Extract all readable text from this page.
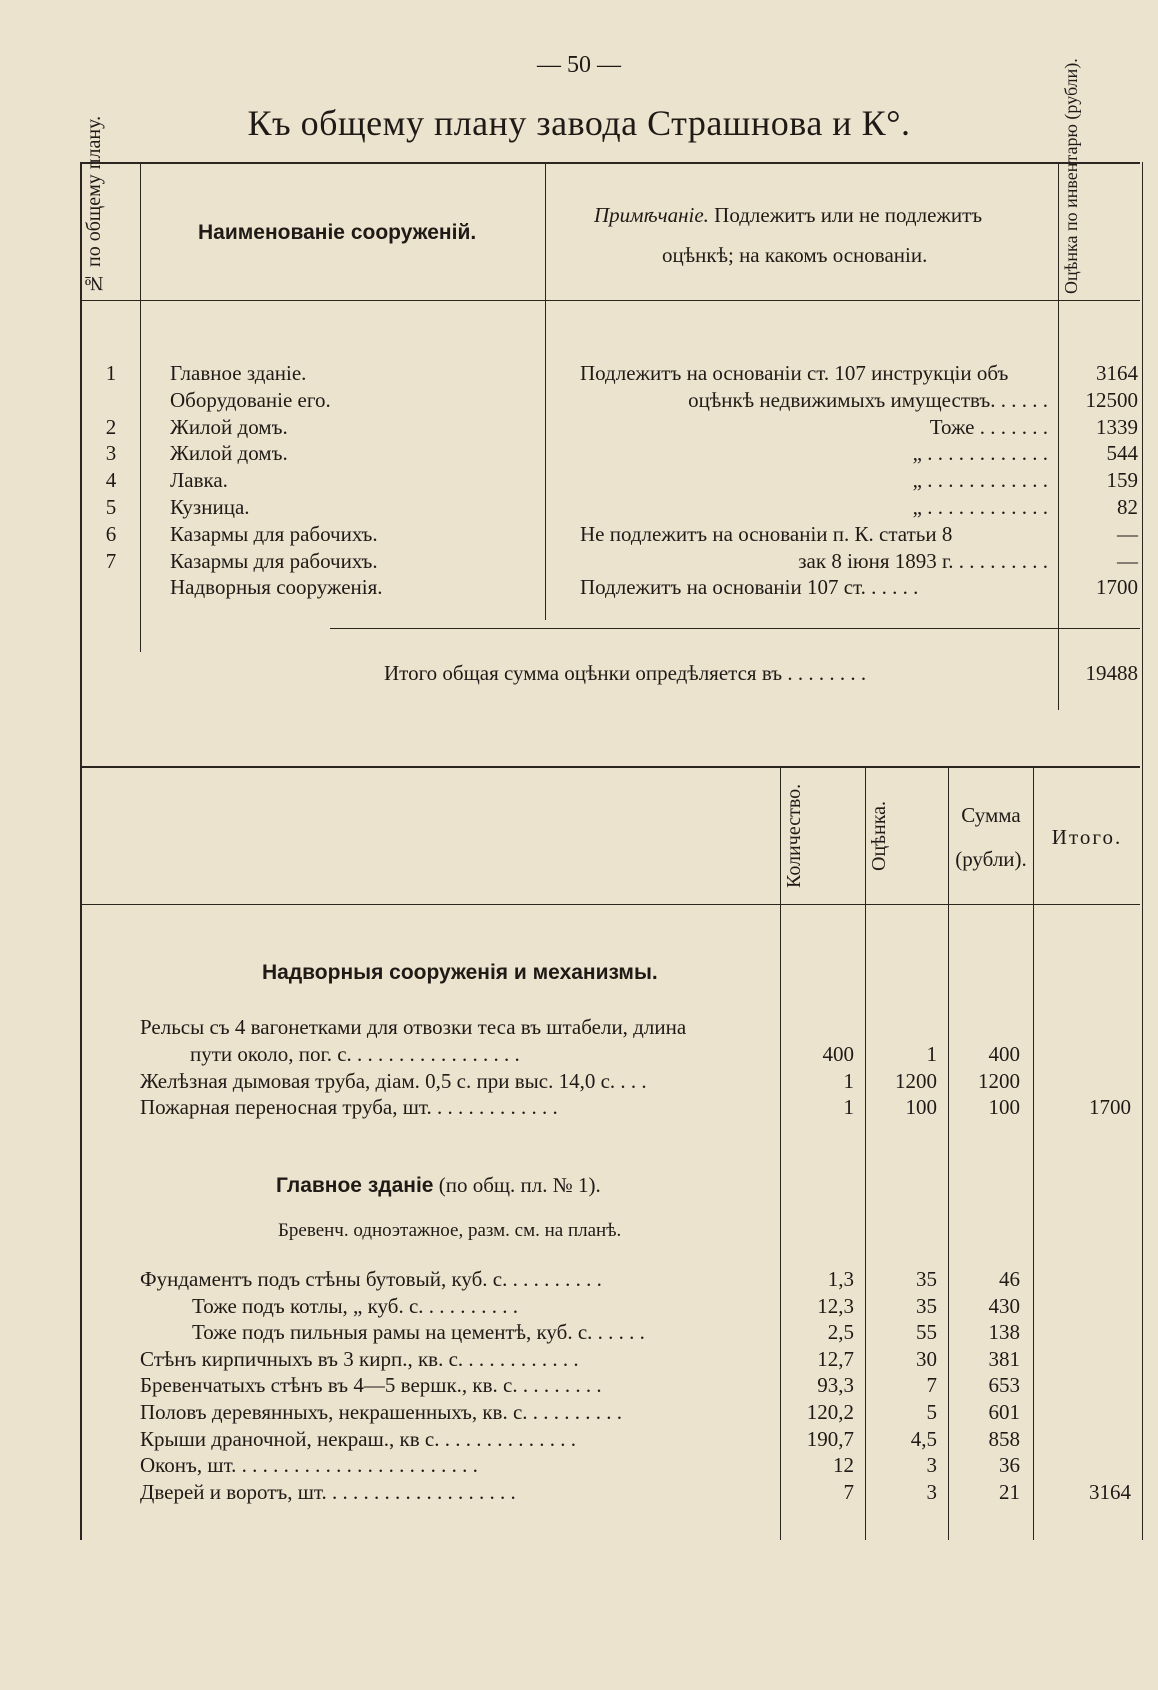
— 50 —
Къ общему плану завода Страшнова и К°.
№ по общему плану.	Наименованіе сооруженій.
Примѣчаніе. Подлежитъ или не подлежитъ
оцѣнкѣ; на какомъ основаніи.	Оцѣнка по инвентарю (рубли).
1	Главное зданіе.	Подлежитъ на основаніи ст. 107 инструкціи объ	3164
Оборудованіе его.	оцѣнкѣ недвижимыхъ имуществъ. . . . . .	12500
2	Жилой домъ.	Тоже . . . . . . .	1339
3	Жилой домъ.	„ . . . . . . . . . . . .	544
4	Лавка.	„ . . . . . . . . . . . .	159
5	Кузница.	„ . . . . . . . . . . . .	82
6	Казармы для рабочихъ.	Не подлежитъ на основаніи п. К. статьи 8	—
7	Казармы для рабочихъ.	зак 8 іюня 1893 г. . . . . . . . . .	—
Надворныя сооруженія.	Подлежитъ на основаніи 107 ст. . . . . .	1700
Итого общая сумма оцѣнки опредѣляется въ . . . . . . . .	19488
Количество.	Оцѣнка.	Сумма
(рубли).
Итого.
Надворныя сооруженія и механизмы.
Рельсы съ 4 вагонетками для отвозки теса въ штабели, длина
пути около, пог. с. . . . . . . . . . . . . . . . .	400	1	400
Желѣзная дымовая труба, діам. 0,5 с. при выс. 14,0 с. . . .	1	1200	1200
Пожарная переносная труба, шт. . . . . . . . . . . . .	1	100	100	1700
Главное зданіе (по общ. пл. № 1).
Бревенч. одноэтажное, разм. см. на планѣ.
Фундаментъ подъ стѣны бутовый, куб. с. . . . . . . . . .	1,3	35	46
Тоже подъ котлы, „ куб. с. . . . . . . . . .	12,3	35	430
Тоже подъ пильныя рамы на цементѣ, куб. с. . . . . .	2,5	55	138
Стѣнъ кирпичныхъ въ 3 кирп., кв. с. . . . . . . . . . . .	12,7	30	381
Бревенчатыхъ стѣнъ въ 4—5 вершк., кв. с. . . . . . . . .	93,3	7	653
Половъ деревянныхъ, некрашенныхъ, кв. с. . . . . . . . . .	120,2	5	601
Крыши драночной, некраш., кв с. . . . . . . . . . . . . .	190,7	4,5	858
Оконъ, шт. . . . . . . . . . . . . . . . . . . . . . . .	12	3	36
Дверей и воротъ, шт. . . . . . . . . . . . . . . . . . .	7	3	21	3164
